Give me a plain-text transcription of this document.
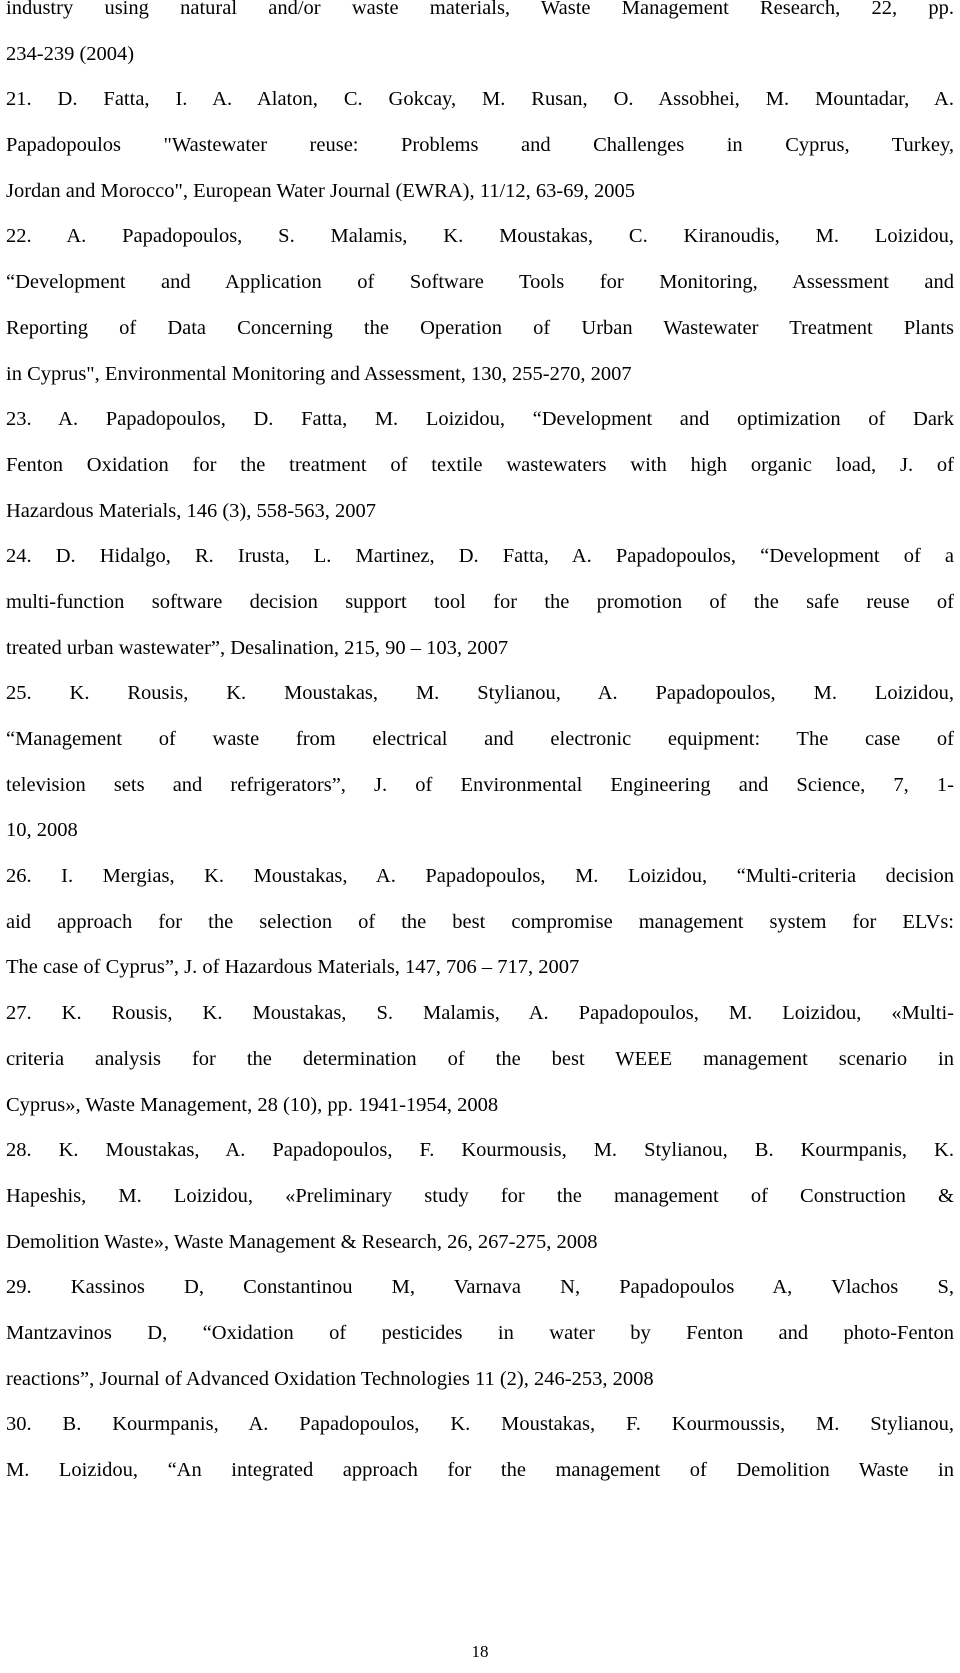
industry using natural and/or waste materials, Waste Management Research, 22, pp.
234-239 (2004)
21. D. Fatta, I. A. Alaton, C. Gokcay, M. Rusan, O. Assobhei, M. Mountadar, A.
Papadopoulos "Wastewater reuse: Problems and Challenges in Cyprus, Turkey,
Jordan and Morocco", European Water Journal (EWRA), 11/12, 63-69, 2005
22. A. Papadopoulos, S. Malamis, K. Moustakas, C. Kiranoudis, M. Loizidou,
“Development and Application of Software Tools for Monitoring, Assessment and
Reporting of Data Concerning the Operation of Urban Wastewater Treatment Plants
in Cyprus", Environmental Monitoring and Assessment, 130, 255-270, 2007
23. A. Papadopoulos, D. Fatta, M. Loizidou, “Development and optimization of Dark
Fenton Oxidation for the treatment of textile wastewaters with high organic load, J. of
Hazardous Materials, 146 (3), 558-563, 2007
24. D. Hidalgo, R. Irusta, L. Martinez, D. Fatta, A. Papadopoulos, “Development of a
multi-function software decision support tool for the promotion of the safe reuse of
treated urban wastewater”, Desalination, 215, 90 – 103, 2007
25. K. Rousis, K. Moustakas, M. Stylianou, A. Papadopoulos, M. Loizidou,
“Management of waste from electrical and electronic equipment: The case of
television sets and refrigerators”, J. of Environmental Engineering and Science, 7, 1-
10, 2008
26. I. Mergias, K. Moustakas, A. Papadopoulos, M. Loizidou, “Multi-criteria decision
aid approach for the selection of the best compromise management system for ELVs:
The case of Cyprus”, J. of Hazardous Materials, 147, 706 – 717, 2007
27. K. Rousis, K. Moustakas, S. Malamis, A. Papadopoulos, M. Loizidou, «Multi-
criteria analysis for the determination of the best WEEE management scenario in
Cyprus», Waste Management, 28 (10), pp. 1941-1954, 2008
28. K. Moustakas, A. Papadopoulos, F. Kourmousis, M. Stylianou, B. Kourmpanis, K.
Hapeshis, M. Loizidou, «Preliminary study for the management of Construction &
Demolition Waste», Waste Management & Research, 26, 267-275, 2008
29. Kassinos D, Constantinou M, Varnava N, Papadopoulos A, Vlachos S,
Mantzavinos D, “Oxidation of pesticides in water by Fenton and photo-Fenton
reactions”, Journal of Advanced Oxidation Technologies 11 (2), 246-253, 2008
30. B. Kourmpanis, A. Papadopoulos, K. Moustakas, F. Kourmoussis, M. Stylianou,
M. Loizidou, “An integrated approach for the management of Demolition Waste in
18
